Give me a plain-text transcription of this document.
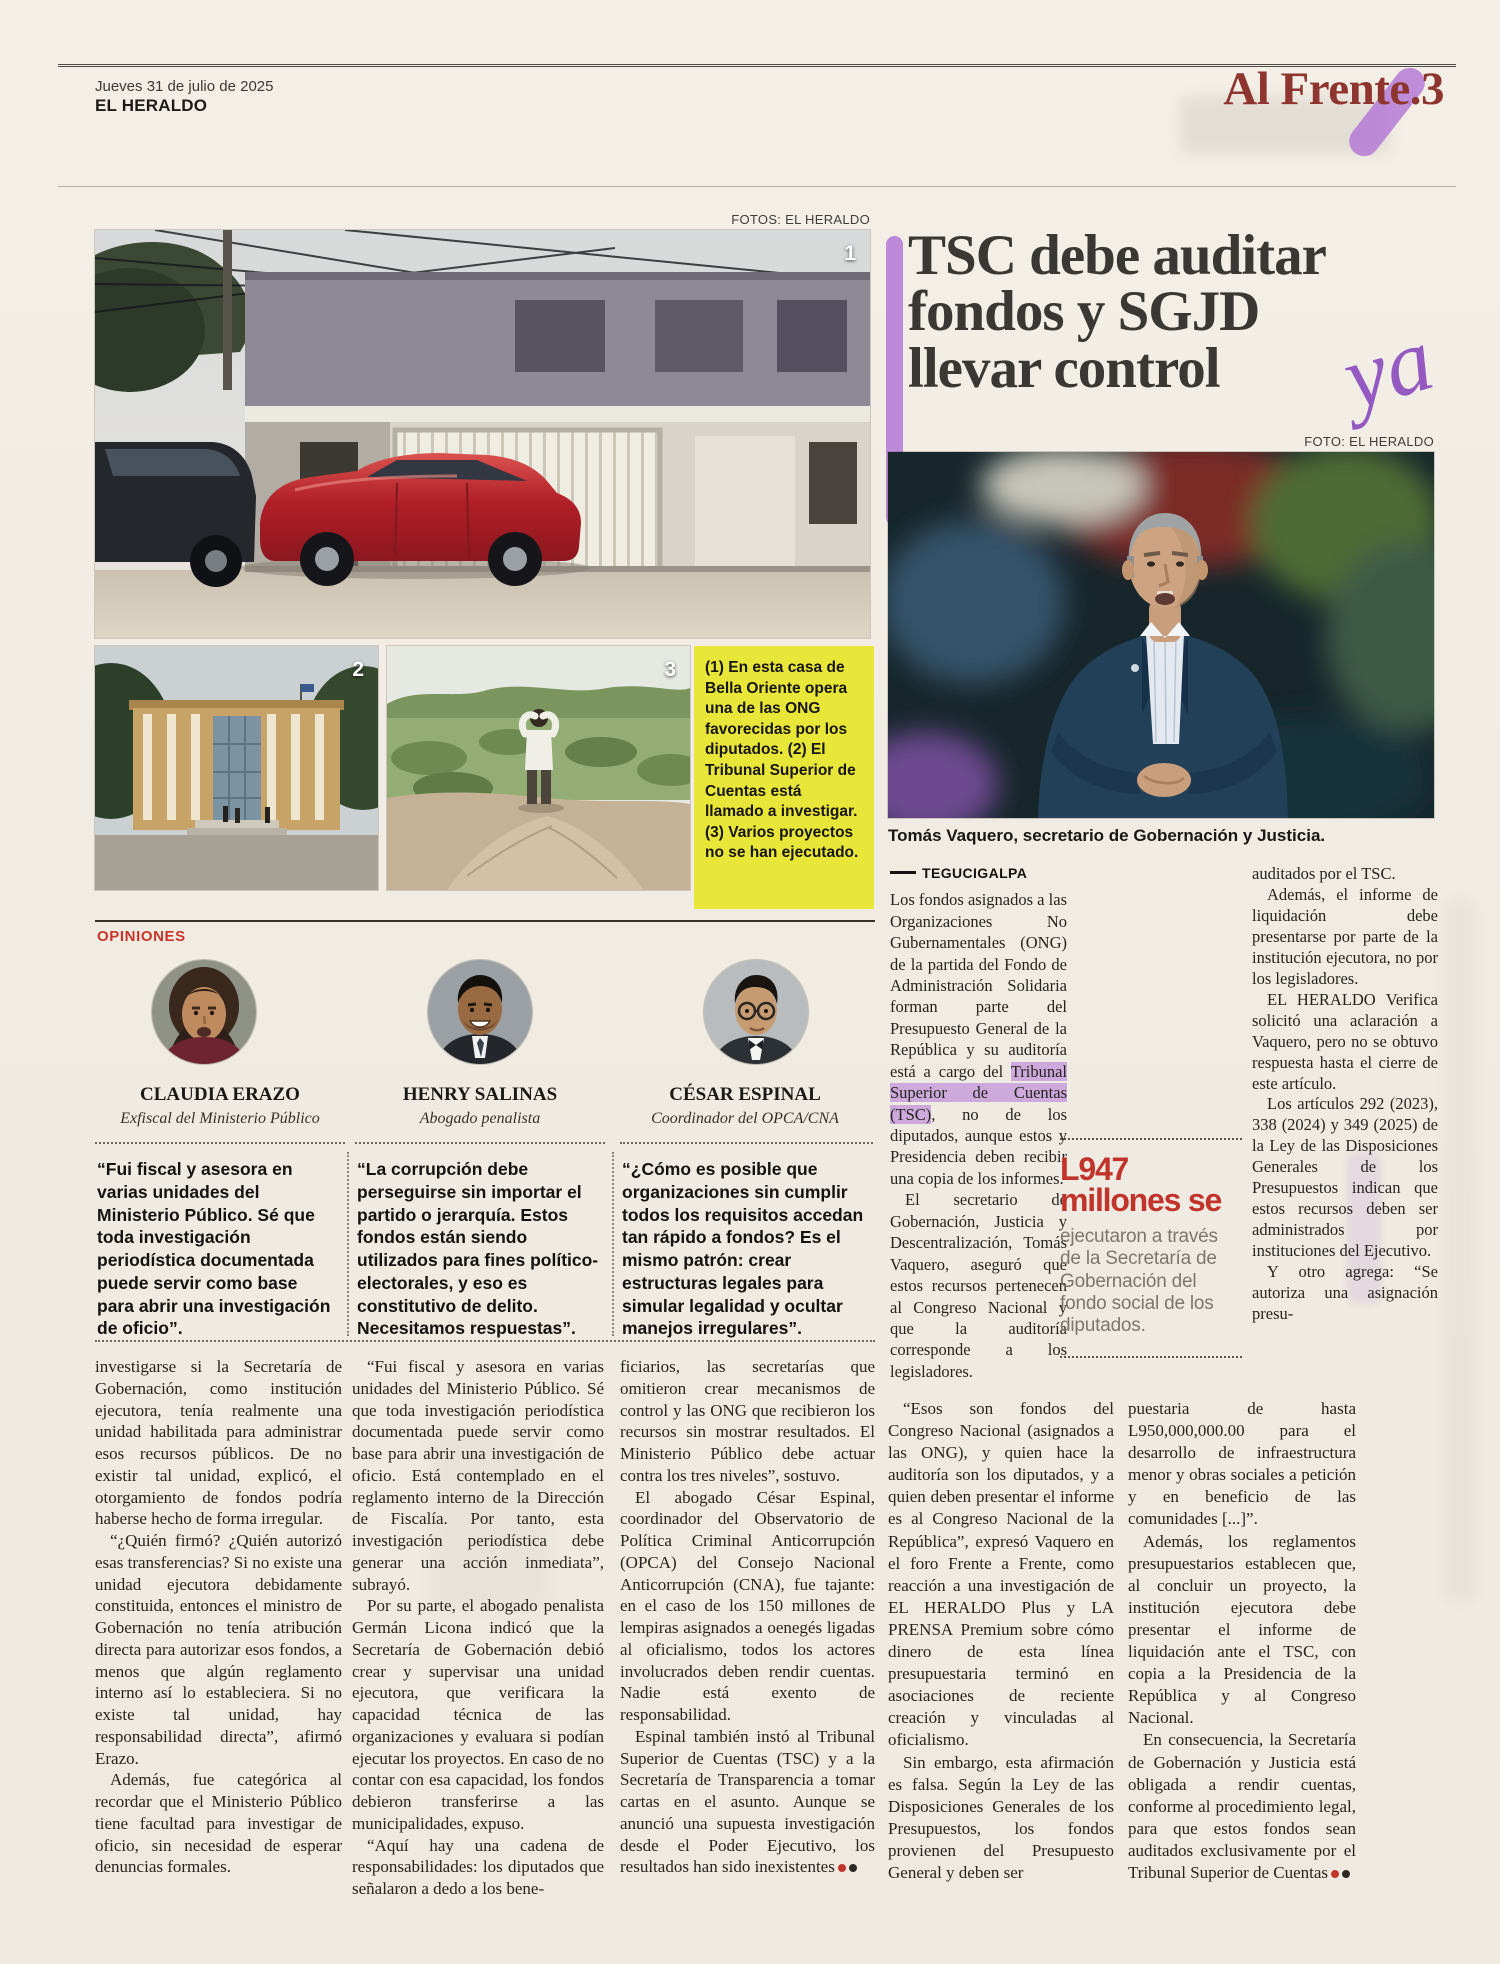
Jueves 31 de julio de 2025
EL HERALDO	Al Frente.3
FOTOS: EL HERALDO
1
2	3	(1) En esta casa de Bella Oriente opera una de las ONG favorecidas por los diputados. (2) El Tribunal Superior de Cuentas está llamado a investigar. (3) Varios proyectos no se han ejecutado.
TSC debe auditar
fondos y SGJD
llevar control	ya
FOTO: EL HERALDO
Tomás Vaquero, secretario de Gobernación y Justicia.
TEGUCIGALPA

Los fondos asignados a las Organizaciones No Gubernamentales (ONG) de la partida del Fondo de Administración Solidaria forman parte del Presupuesto General de la República y su auditoría está a cargo del Tribunal Superior de Cuentas (TSC), no de los diputados, aunque estos y Presidencia deben recibir una copia de los informes.

El secretario de Gobernación, Justicia y Descentralización, Tomás Vaquero, aseguró que estos recursos pertenecen al Congreso Nacional y que la auditoría corresponde a los legisladores.

L947 millones se
ejecutaron a través de la Secretaría de Gobernación del fondo social de los diputados.

auditados por el TSC.

Además, el informe de liquidación debe presentarse por parte de la institución ejecutora, no por los legisladores.

EL HERALDO Verifica solicitó una aclaración a Vaquero, pero no se obtuvo respuesta hasta el cierre de este artículo.

Los artículos 292 (2023), 338 (2024) y 349 (2025) de la Ley de las Disposiciones Generales de los Presupuestos indican que estos recursos deben ser administrados por instituciones del Ejecutivo.

Y otro agrega: “Se autoriza una asignación presu-

“Esos son fondos del Congreso Nacional (asignados a las ONG), y quien hace la auditoría son los diputados, y a quien deben presentar el informe es al Congreso Nacional de la República”, expresó Vaquero en el foro Frente a Frente, como reacción a una investigación de EL HERALDO Plus y LA PRENSA Premium sobre cómo dinero de esta línea presupuestaria terminó en asociaciones de reciente creación y vinculadas al oficialismo.

Sin embargo, esta afirmación es falsa. Según la Ley de las Disposiciones Generales de los Presupuestos, los fondos provienen del Presupuesto General y deben ser

puestaria de hasta L950,000,000.00 para el desarrollo de infraestructura menor y obras sociales a petición y en beneficio de las comunidades [...]”.

Además, los reglamentos presupuestarios establecen que, al concluir un proyecto, la institución ejecutora debe presentar el informe de liquidación ante el TSC, con copia a la Presidencia de la República y al Congreso Nacional.

En consecuencia, la Secretaría de Gobernación y Justicia está obligada a rendir cuentas, conforme al procedimiento legal, para que estos fondos sean auditados exclusivamente por el Tribunal Superior de Cuentas

OPINIONES
CLAUDIA ERAZO	HENRY SALINAS	CÉSAR ESPINAL
Exfiscal del Ministerio Público	Abogado penalista	Coordinador del OPCA/CNA
“Fui fiscal y asesora en varias unidades del Ministerio Público. Sé que toda investigación periodística documentada puede servir como base para abrir una investigación de oficio”.
“La corrupción debe perseguirse sin importar el partido o jerarquía. Estos fondos están siendo utilizados para fines político-electorales, y eso es constitutivo de delito. Necesitamos respuestas”.
“¿Cómo es posible que organizaciones sin cumplir todos los requisitos accedan tan rápido a fondos? Es el mismo patrón: crear estructuras legales para simular legalidad y ocultar manejos irregulares”.

investigarse si la Secretaría de Gobernación, como institución ejecutora, tenía realmente una unidad habilitada para administrar esos recursos públicos. De no existir tal unidad, explicó, el otorgamiento de fondos podría haberse hecho de forma irregular.

“¿Quién firmó? ¿Quién autorizó esas transferencias? Si no existe una unidad ejecutora debidamente constituida, entonces el ministro de Gobernación no tenía atribución directa para autorizar esos fondos, a menos que algún reglamento interno así lo estableciera. Si no existe tal unidad, hay responsabilidad directa”, afirmó Erazo.

Además, fue categórica al recordar que el Ministerio Público tiene facultad para investigar de oficio, sin necesidad de esperar denuncias formales.

“Fui fiscal y asesora en varias unidades del Ministerio Público. Sé que toda investigación periodística documentada puede servir como base para abrir una investigación de oficio. Está contemplado en el reglamento interno de la Dirección de Fiscalía. Por tanto, esta investigación periodística debe generar una acción inmediata”, subrayó.

Por su parte, el abogado penalista Germán Licona indicó que la Secretaría de Gobernación debió crear y supervisar una unidad ejecutora, que verificara la capacidad técnica de las organizaciones y evaluara si podían ejecutar los proyectos. En caso de no contar con esa capacidad, los fondos debieron transferirse a las municipalidades, expuso.

“Aquí hay una cadena de responsabilidades: los diputados que señalaron a dedo a los bene-

ficiarios, las secretarías que omitieron crear mecanismos de control y las ONG que recibieron los recursos sin mostrar resultados. El Ministerio Público debe actuar contra los tres niveles”, sostuvo.

El abogado César Espinal, coordinador del Observatorio de Política Criminal Anticorrupción (OPCA) del Consejo Nacional Anticorrupción (CNA), fue tajante: en el caso de los 150 millones de lempiras asignados a oenegés ligadas al oficialismo, todos los actores involucrados deben rendir cuentas. Nadie está exento de responsabilidad.

Espinal también instó al Tribunal Superior de Cuentas (TSC) y a la Secretaría de Transparencia a tomar cartas en el asunto. Aunque se anunció una supuesta investigación desde el Poder Ejecutivo, los resultados han sido inexistentes
